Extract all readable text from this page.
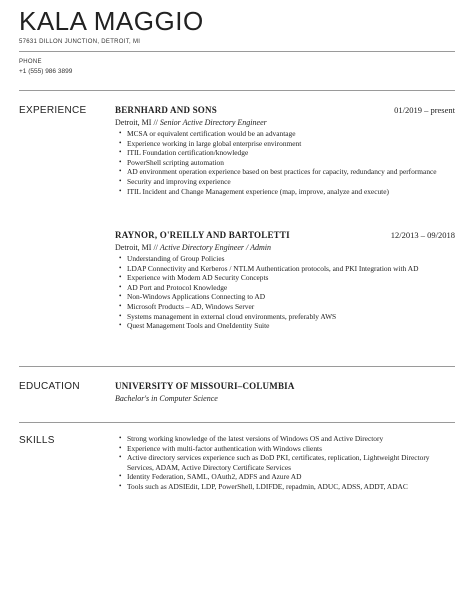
KALA MAGGIO
57631 DILLON JUNCTION, DETROIT, MI
PHONE
+1 (555) 986 3899
EXPERIENCE	BERNHARD AND SONS	01/2019 – present
Detroit, MI // Senior Active Directory Engineer
• MCSA or equivalent certification would be an advantage
• Experience working in large global enterprise environment
• ITIL Foundation certification/knowledge
• PowerShell scripting automation
• AD environment operation experience based on best practices for capacity, redundancy and performance
• Security and improving experience
• ITIL Incident and Change Management experience (map, improve, analyze and execute)
RAYNOR, O'REILLY AND BARTOLETTI	12/2013 – 09/2018
Detroit, MI // Active Directory Engineer / Admin
• Understanding of Group Policies
• LDAP Connectivity and Kerberos / NTLM Authentication protocols, and PKI Integration with AD
• Experience with Modern AD Security Concepts
• AD Port and Protocol Knowledge
• Non-Windows Applications Connecting to AD
• Microsoft Products – AD, Windows Server
• Systems management in external cloud environments, preferably AWS
• Quest Management Tools and OneIdentity Suite
EDUCATION	UNIVERSITY OF MISSOURI–COLUMBIA
Bachelor's in Computer Science
SKILLS
•	Strong working knowledge of the latest versions of Windows OS and Active Directory
• Experience with multi-factor authentication with Windows clients
• Active directory services experience such as DoD PKI, certificates, replication, Lightweight Directory Services, ADAM, Active Directory Certificate Services
• Identity Federation, SAML, OAuth2, ADFS and Azure AD
• Tools such as ADSIEdit, LDP, PowerShell, LDIFDE, repadmin, ADUC, ADSS, ADDT, ADAC
